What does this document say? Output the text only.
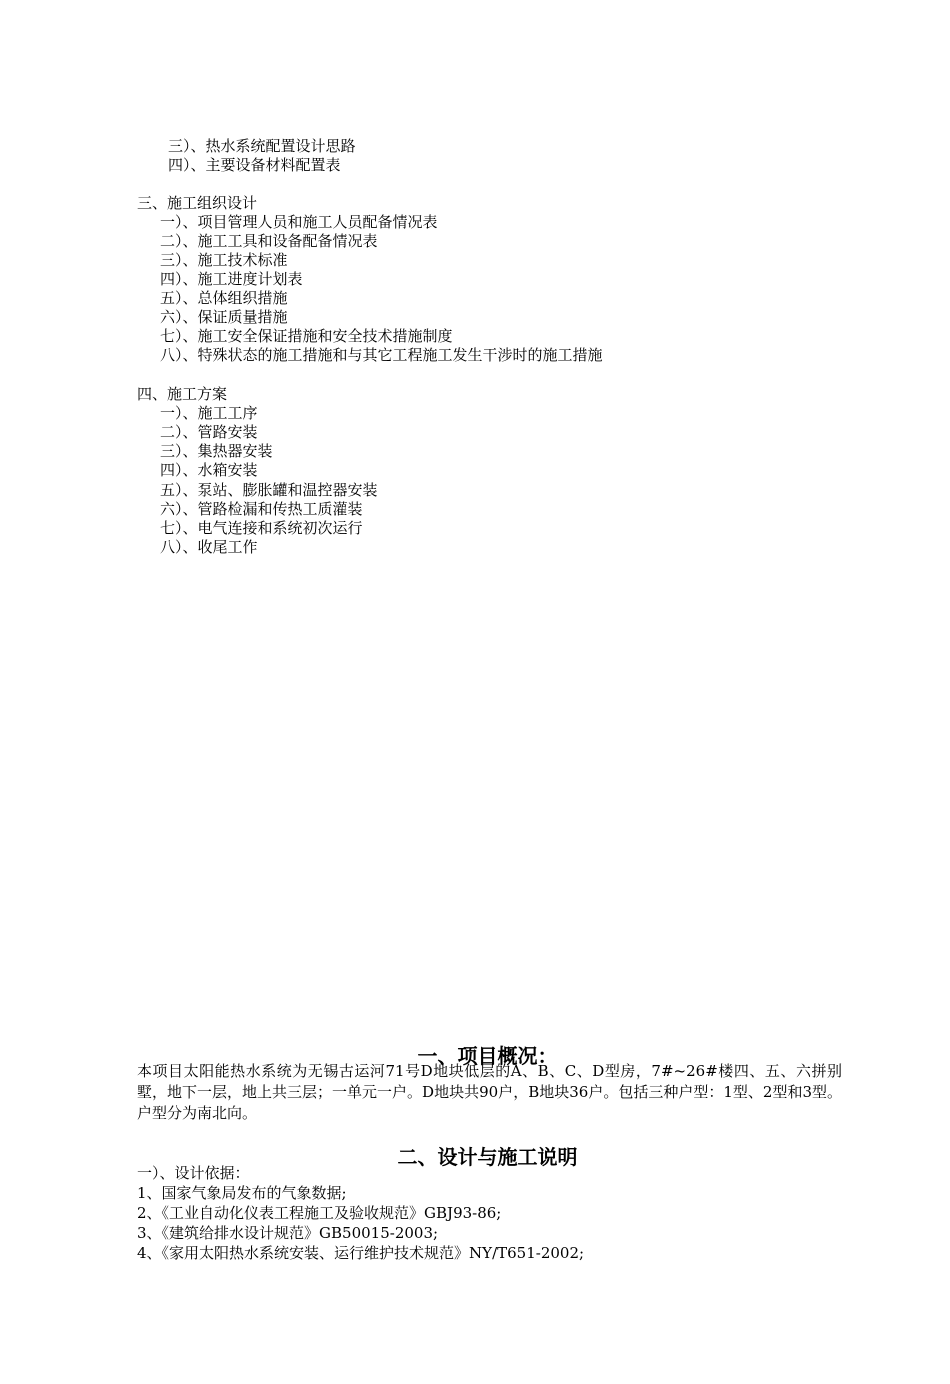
三）、热水系统配置设计思路
四）、主要设备材料配置表
三、施工组织设计
一）、项目管理人员和施工人员配备情况表
二）、施工工具和设备配备情况表
三）、施工技术标准
四）、施工进度计划表
五）、总体组织措施
六）、保证质量措施
七）、施工安全保证措施和安全技术措施制度
八）、特殊状态的施工措施和与其它工程施工发生干涉时的施工措施
四、施工方案
一）、施工工序
二）、管路安装
三）、集热器安装
四）、水箱安装
五）、泵站、膨胀罐和温控器安装
六）、管路检漏和传热工质灌装
七）、电气连接和系统初次运行
八）、收尾工作
一、项目概况：
本项目太阳能热水系统为无锡古运河71号D地块低层的A、B、C、D型房，7#~26#楼四、五、六拼别墅，地下一层，地上共三层；一单元一户。D地块共90户，B地块36户。包括三种户型：1型、2型和3型。户型分为南北向。
二、设计与施工说明
一）、设计依据：
1、国家气象局发布的气象数据;
2、《工业自动化仪表工程施工及验收规范》GBJ93-86;
3、《建筑给排水设计规范》GB50015-2003;
4、《家用太阳热水系统安装、运行维护技术规范》NY/T651-2002;
